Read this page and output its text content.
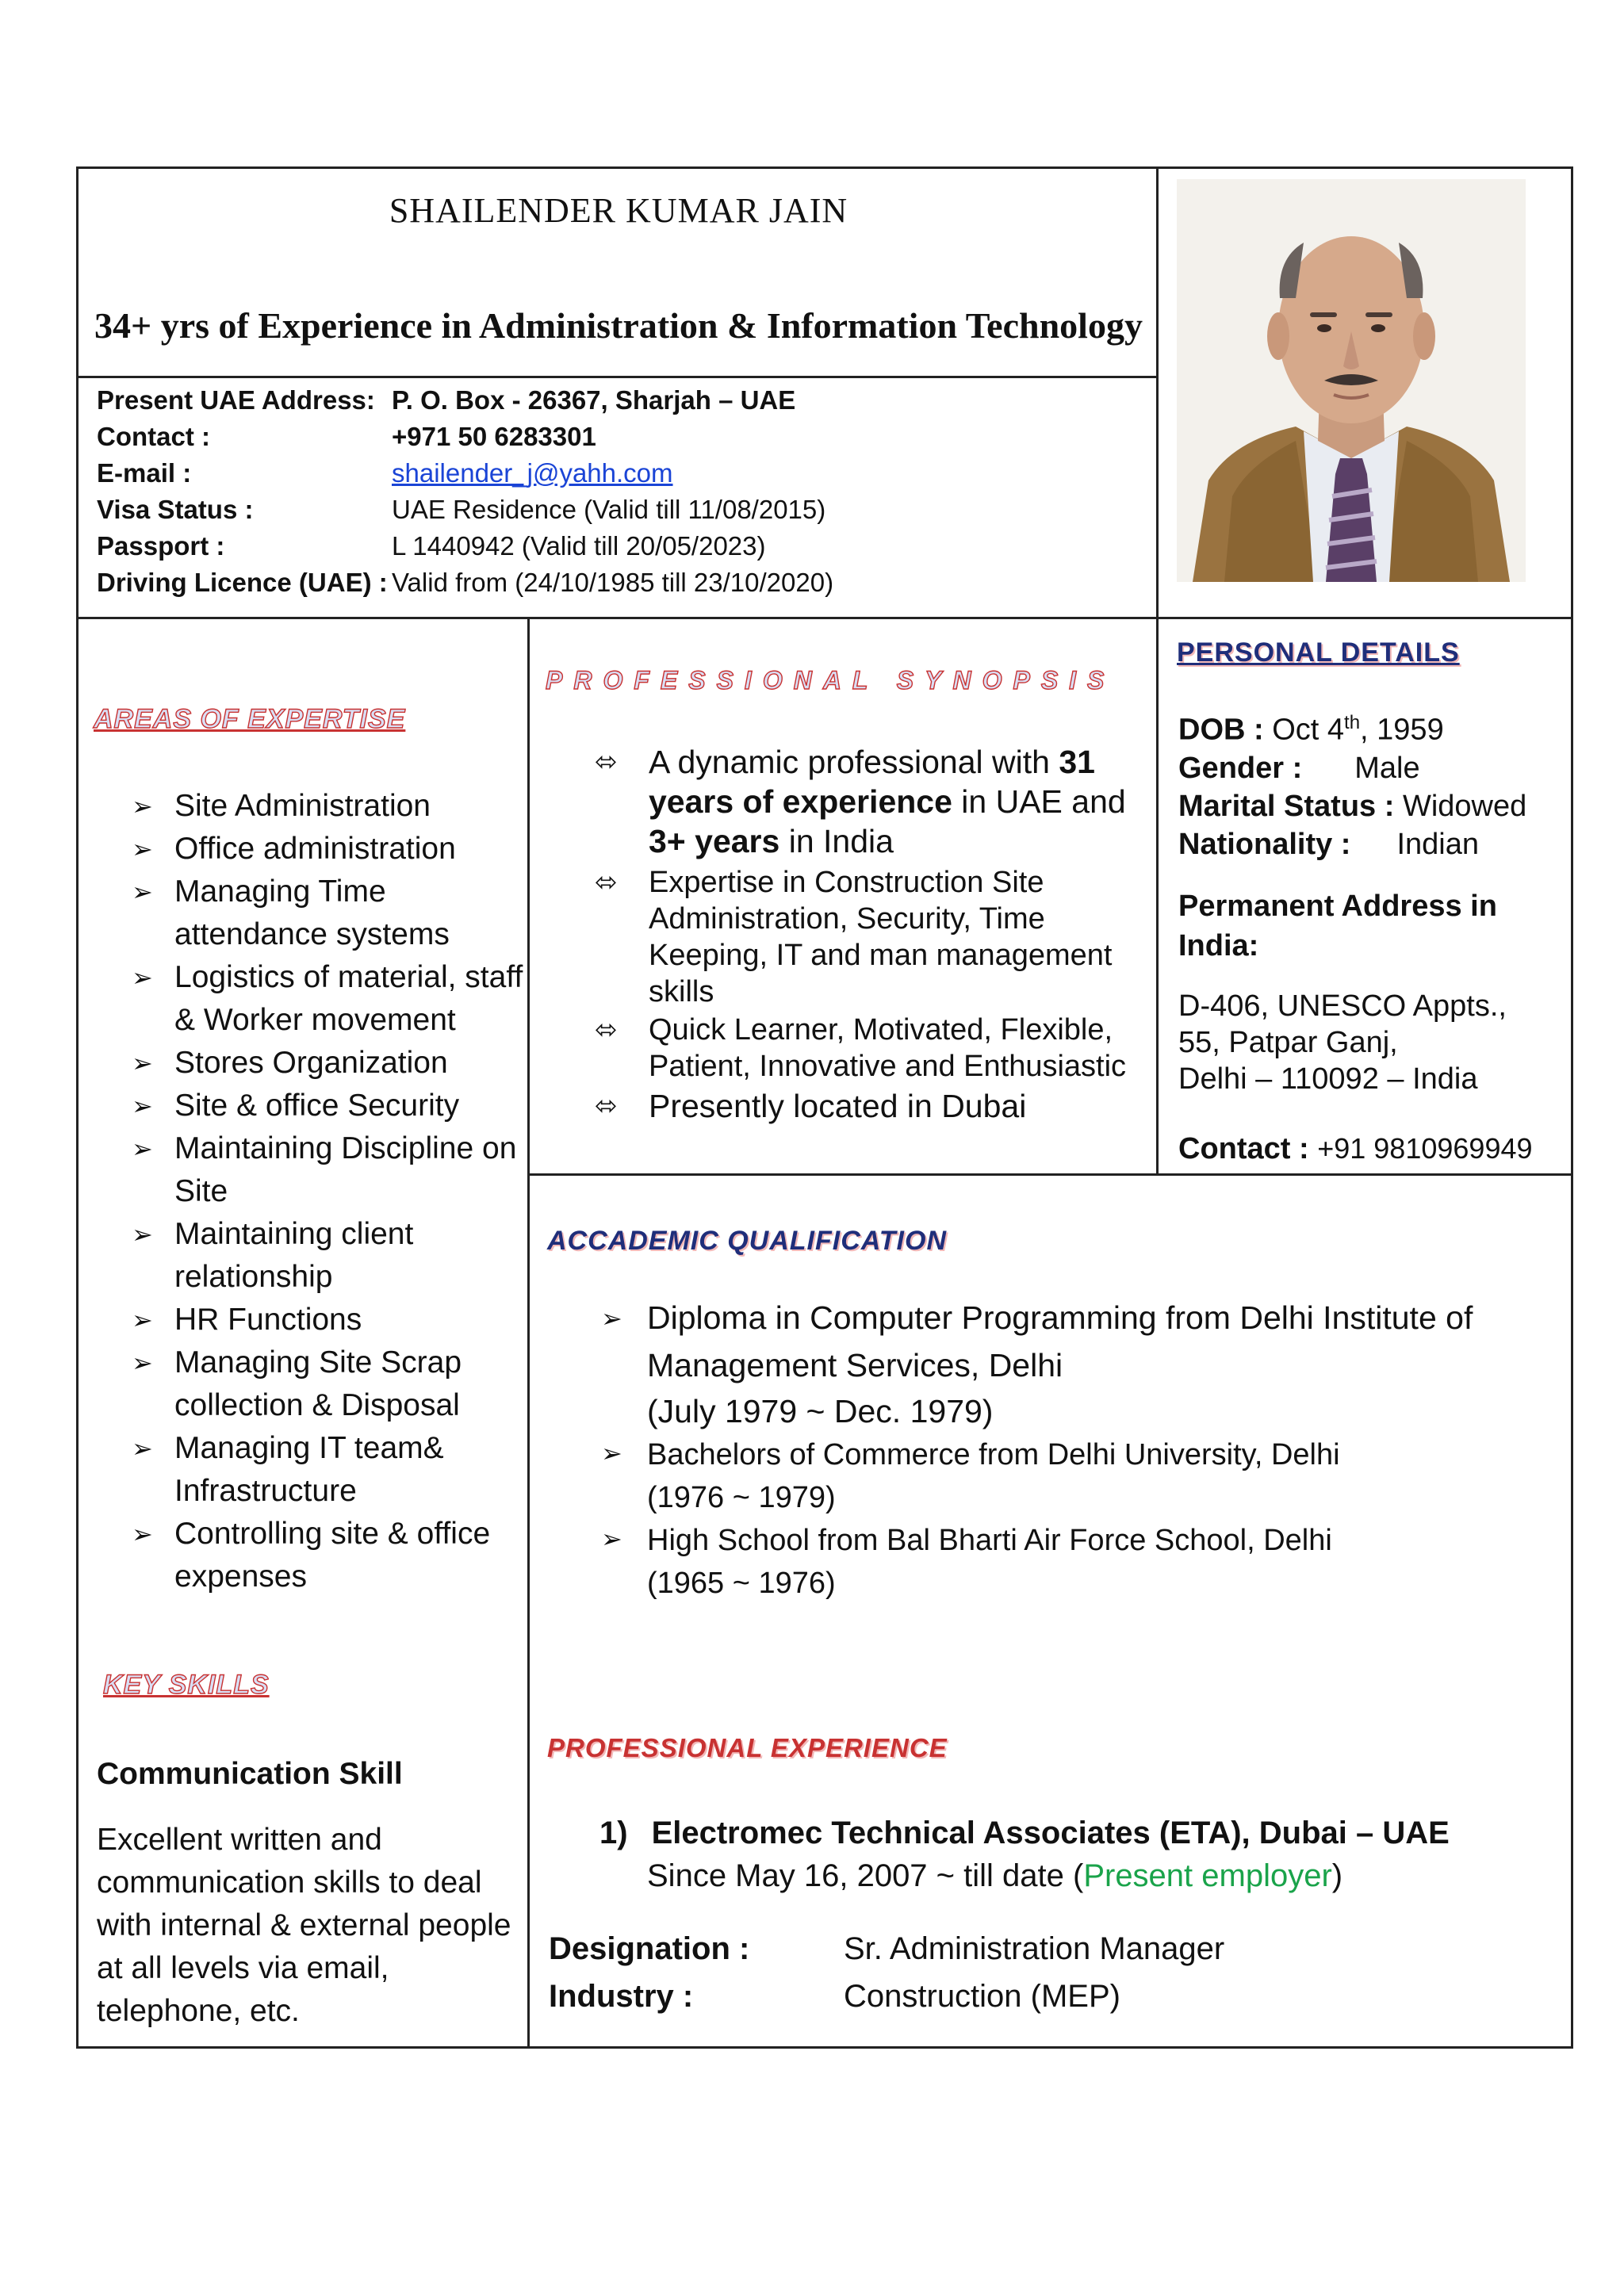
SHAILENDER KUMAR JAIN
34+ yrs of Experience in Administration & Information Technology
Present UAE Address: P. O. Box - 26367, Sharjah – UAE
Contact :	+971 50 6283301
E-mail :	shailender_j@yahh.com
Visa Status :	UAE Residence (Valid till 11/08/2015)
Passport :	L 1440942 (Valid till 20/05/2023)
Driving Licence (UAE) : Valid from (24/10/1985 till 23/10/2020)
AREAS OF EXPERTISE
➢ Site Administration
➢ Office administration
➢ Managing Time attendance systems
➢ Logistics of material, staff & Worker movement
➢ Stores Organization
➢ Site & office Security
➢ Maintaining Discipline on Site
➢ Maintaining client relationship
➢ HR Functions
➢ Managing Site Scrap collection & Disposal
➢ Managing IT team& Infrastructure
➢ Controlling site & office expenses
KEY SKILLS
Communication Skill
Excellent written and communication skills to deal with internal & external people at all levels via email, telephone, etc.
PROFESSIONAL SYNOPSIS
⬄ A dynamic professional with 31 years of experience in UAE and 3+ years in India
⬄ Expertise in Construction Site Administration, Security, Time Keeping, IT and man management skills
⬄ Quick Learner, Motivated, Flexible, Patient, Innovative and Enthusiastic
⬄ Presently located in Dubai
PERSONAL DETAILS
DOB : Oct 4th, 1959
Gender : Male
Marital Status : Widowed
Nationality : Indian
Permanent Address in
India:
D-406, UNESCO Appts.,
55, Patpar Ganj,
Delhi – 110092 – India
Contact : +91 9810969949
ACCADEMIC QUALIFICATION
➢ Diploma in Computer Programming from Delhi Institute of
Management Services, Delhi
(July 1979 ~ Dec. 1979)
➢ Bachelors of Commerce from Delhi University, Delhi
(1976 ~ 1979)
➢ High School from Bal Bharti Air Force School, Delhi
(1965 ~ 1976)
PROFESSIONAL EXPERIENCE
1) Electromec Technical Associates (ETA), Dubai – UAE
Since May 16, 2007 ~ till date (Present employer)
Designation :	Sr. Administration Manager
Industry :	Construction (MEP)
